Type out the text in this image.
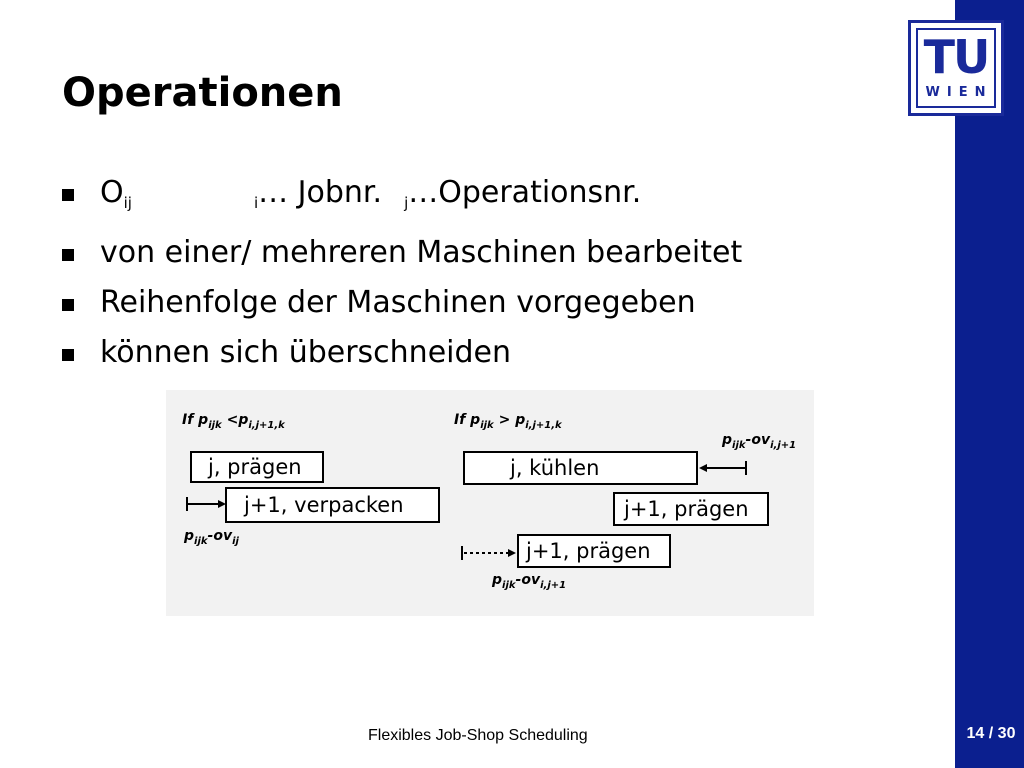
TU
WIEN
Operationen
$O_{ij}$	$_i$… Jobnr. $_j$…Operationsnr.
von einer/ mehreren Maschinen bearbeitet
Reihenfolge der Maschinen vorgegeben
können sich überschneiden
If $p_{ijk} <p_{i,j+1,k}$
j, prägen
j+1, verpacken
$p_{ijk}-ov_{ij}$
If $p_{ijk} > p_{i,j+1,k}$
$p_{ijk}-ov_{i,j+1}$
j, kühlen
j+1, prägen
j+1, prägen
$p_{ijk}-ov_{i,j+1}$
Flexibles Job-Shop Scheduling	14 / 30
